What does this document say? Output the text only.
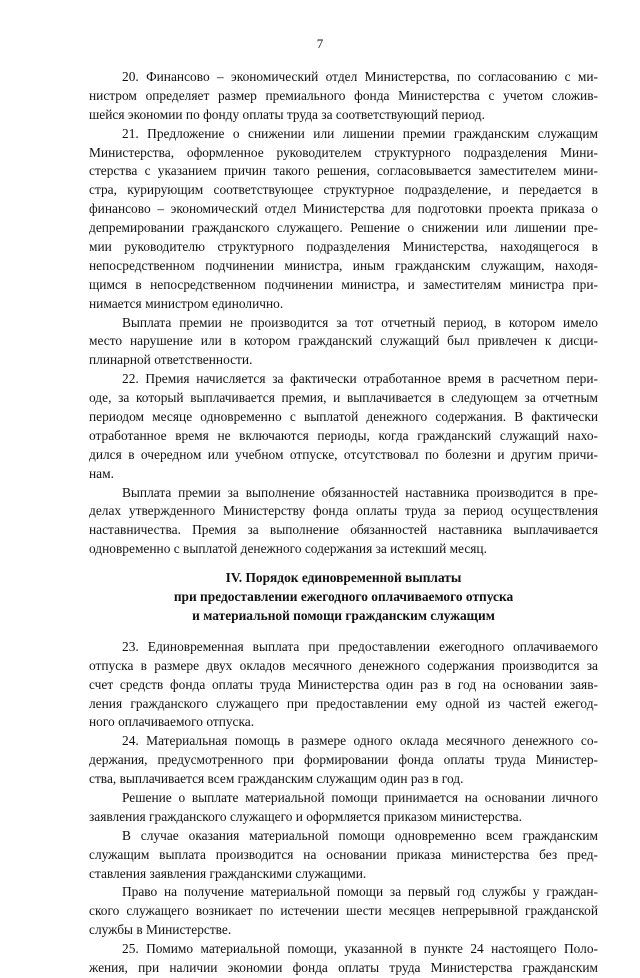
7
20. Финансово – экономический отдел Министерства, по согласованию с ми-
нистром определяет размер премиального фонда Министерства с учетом сложив-
шейся экономии по фонду оплаты труда за соответствующий период.
21. Предложение о снижении или лишении премии гражданским служащим
Министерства, оформленное руководителем структурного подразделения Мини-
стерства с указанием причин такого решения, согласовывается заместителем мини-
стра, курирующим соответствующее структурное подразделение, и передается в
финансово – экономический отдел Министерства для подготовки проекта приказа о
депремировании гражданского служащего. Решение о снижении или лишении пре-
мии руководителю структурного подразделения Министерства, находящегося в
непосредственном подчинении министра, иным гражданским служащим, находя-
щимся в непосредственном подчинении министра, и заместителям министра при-
нимается министром единолично.
Выплата премии не производится за тот отчетный период, в котором имело
место нарушение или в котором гражданский служащий был привлечен к дисци-
плинарной ответственности.
22. Премия начисляется за фактически отработанное время в расчетном пери-
оде, за который выплачивается премия, и выплачивается в следующем за отчетным
периодом месяце одновременно с выплатой денежного содержания. В фактически
отработанное время не включаются периоды, когда гражданский служащий нахо-
дился в очередном или учебном отпуске, отсутствовал по болезни и другим причи-
нам.
Выплата премии за выполнение обязанностей наставника производится в пре-
делах утвержденного Министерству фонда оплаты труда за период осуществления
наставничества. Премия за выполнение обязанностей наставника выплачивается
одновременно с выплатой денежного содержания за истекший месяц.
IV. Порядок единовременной выплаты
при предоставлении ежегодного оплачиваемого отпуска
и материальной помощи гражданским служащим
23. Единовременная выплата при предоставлении ежегодного оплачиваемого
отпуска в размере двух окладов месячного денежного содержания производится за
счет средств фонда оплаты труда Министерства один раз в год на основании заяв-
ления гражданского служащего при предоставлении ему одной из частей ежегод-
ного оплачиваемого отпуска.
24. Материальная помощь в размере одного оклада месячного денежного со-
держания, предусмотренного при формировании фонда оплаты труда Министер-
ства, выплачивается всем гражданским служащим один раз в год.
Решение о выплате материальной помощи принимается на основании личного
заявления гражданского служащего и оформляется приказом министерства.
В случае оказания материальной помощи одновременно всем гражданским
служащим выплата производится на основании приказа министерства без пред-
ставления заявления гражданскими служащими.
Право на получение материальной помощи за первый год службы у граждан-
ского служащего возникает по истечении шести месяцев непрерывной гражданской
службы в Министерстве.
25. Помимо материальной помощи, указанной в пункте 24 настоящего Поло-
жения, при наличии экономии фонда оплаты труда Министерства гражданским
